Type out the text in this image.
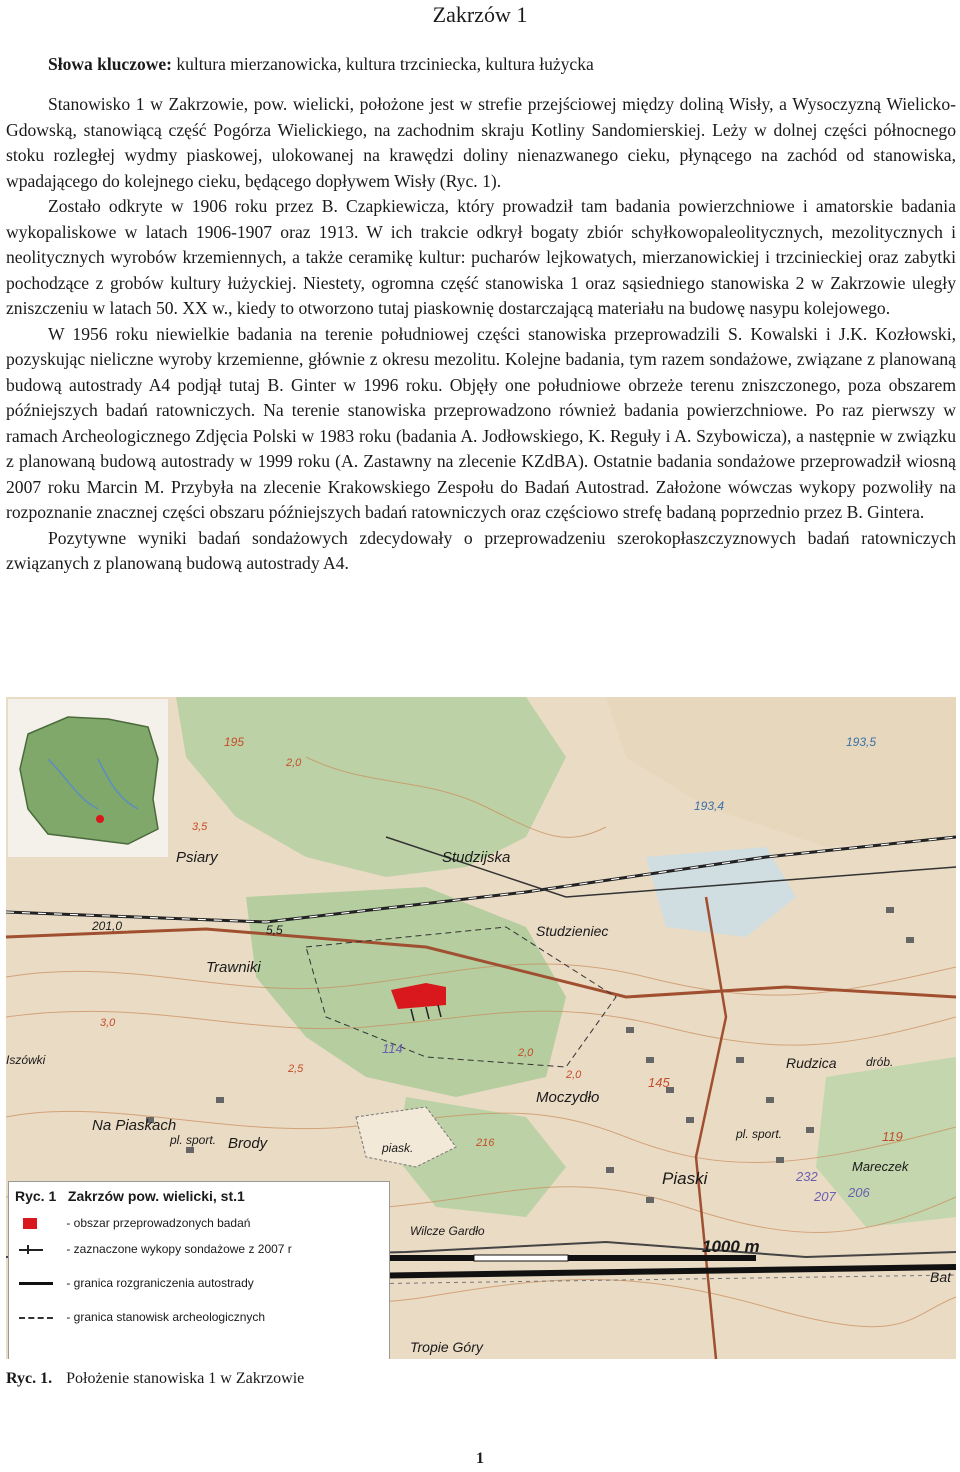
Zakrzów 1
Słowa kluczowe: kultura mierzanowicka, kultura trzciniecka, kultura łużycka

Stanowisko 1 w Zakrzowie, pow. wielicki, położone jest w strefie przejściowej między doliną Wisły, a Wysoczyzną Wielicko-Gdowską, stanowiącą część Pogórza Wielickiego, na zachodnim skraju Kotliny Sandomierskiej. Leży w dolnej części północnego stoku rozległej wydmy piaskowej, ulokowanej na krawędzi doliny nienazwanego cieku, płynącego na zachód od stanowiska, wpadającego do kolejnego cieku, będącego dopływem Wisły (Ryc. 1).

Zostało odkryte w 1906 roku przez B. Czapkiewicza, który prowadził tam badania powierzchniowe i amatorskie badania wykopaliskowe w latach 1906-1907 oraz 1913. W ich trakcie odkrył bogaty zbiór schyłkowopaleolitycznych, mezolitycznych i neolitycznych wyrobów krzemiennych, a także ceramikę kultur: pucharów lejkowatych, mierzanowickiej i trzcinieckiej oraz zabytki pochodzące z grobów kultury łużyckiej. Niestety, ogromna część stanowiska 1 oraz sąsiedniego stanowiska 2 w Zakrzowie uległy zniszczeniu w latach 50. XX w., kiedy to otworzono tutaj piaskownię dostarczającą materiału na budowę nasypu kolejowego.

W 1956 roku niewielkie badania na terenie południowej części stanowiska przeprowadzili S. Kowalski i J.K. Kozłowski, pozyskując nieliczne wyroby krzemienne, głównie z okresu mezolitu. Kolejne badania, tym razem sondażowe, związane z planowaną budową autostrady A4 podjął tutaj B. Ginter w 1996 roku. Objęły one południowe obrzeże terenu zniszczonego, poza obszarem późniejszych badań ratowniczych. Na terenie stanowiska przeprowadzono również badania powierzchniowe. Po raz pierwszy w ramach Archeologicznego Zdjęcia Polski w 1983 roku (badania A. Jodłowskiego, K. Reguły i A. Szybowicza), a następnie w związku z planowaną budową autostrady w 1999 roku (A. Zastawny na zlecenie KZdBA). Ostatnie badania sondażowe przeprowadził wiosną 2007 roku Marcin M. Przybyła na zlecenie Krakowskiego Zespołu do Badań Autostrad. Założone wówczas wykopy pozwoliły na rozpoznanie znacznej części obszaru późniejszych badań ratowniczych oraz częściowo strefę badaną poprzednio przez B. Gintera.

Pozytywne wyniki badań sondażowych zdecydowały o przeprowadzeniu szerokopłaszczyznowych badań ratowniczych związanych z planowaną budową autostrady A4.

Psiary	Studzijska
Studzieniec
Trawniki
Iszówki
Na Piaskach
pl. sport. Brody
Moczydło
Rudzica drób.
pl. sport.
piask.
Piaski
Mareczek
Wilcze Gardło
Tropie Góry
Bat
195	193,5
193,4
201,0	5,5
114
232
207 206
119
145
2,0
2,0
2,0
2,5
3,0
3,5
216
1000 m
Ryc. 1 Zakrzów pow. wielicki, st.1
- obszar przeprowadzonych badań
- zaznaczone wykopy sondażowe z 2007 r
- granica rozgraniczenia autostrady
- granica stanowisk archeologicznych
Ryc. 1. Położenie stanowiska 1 w Zakrzowie
1
